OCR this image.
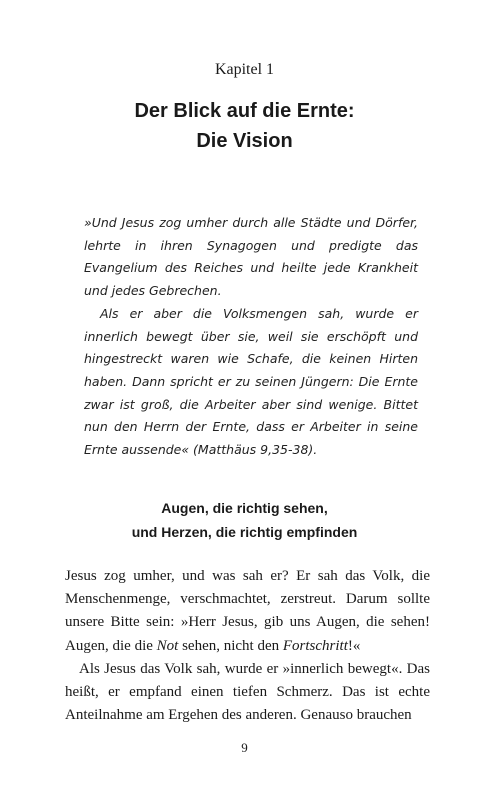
Kapitel 1
Der Blick auf die Ernte:
Die Vision

»Und Jesus zog umher durch alle Städte und Dörfer, lehrte in ihren Synagogen und predigte das Evangelium des Reiches und heilte jede Krankheit und jedes Gebrechen.

Als er aber die Volksmengen sah, wurde er innerlich bewegt über sie, weil sie erschöpft und hingestreckt waren wie Schafe, die keinen Hirten haben. Dann spricht er zu seinen Jüngern: Die Ernte zwar ist groß, die Arbeiter aber sind wenige. Bittet nun den Herrn der Ernte, dass er Arbeiter in seine Ernte aussende« (Matthäus 9,35-38).

Augen, die richtig sehen,
und Herzen, die richtig empfinden

Jesus zog umher, und was sah er? Er sah das Volk, die Menschenmenge, verschmachtet, zerstreut. Darum sollte unsere Bitte sein: »Herr Jesus, gib uns Augen, die sehen! Augen, die die Not sehen, nicht den Fortschritt!«

Als Jesus das Volk sah, wurde er »innerlich bewegt«. Das heißt, er empfand einen tiefen Schmerz. Das ist echte Anteilnahme am Ergehen des anderen. Genauso brauchen

9
